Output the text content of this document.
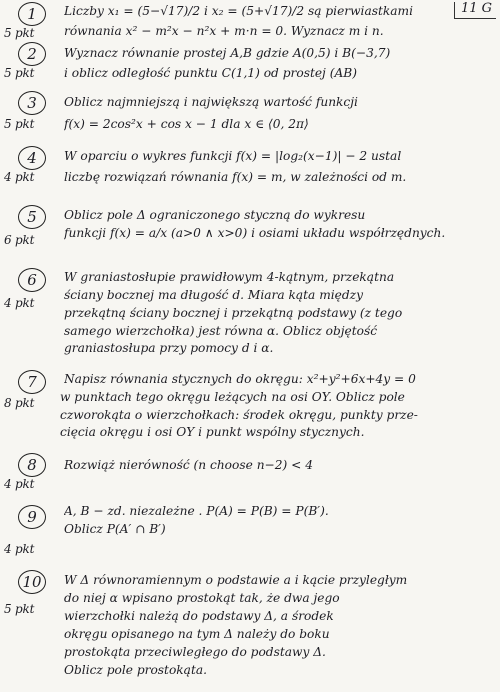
11 G
1
5 pkt
Liczby x₁ = (5−√17)/2 i x₂ = (5+√17)/2 są pierwiastkami
równania x² − m²x − n²x + m·n = 0. Wyznacz m i n.
2
5 pkt
Wyznacz równanie prostej A,B gdzie A(0,5) i B(−3,7)
i oblicz odległość punktu C(1,1) od prostej (AB)
3
5 pkt
Oblicz najmniejszą i największą wartość funkcji
f(x) = 2cos²x + cos x − 1 dla x ∈ ⟨0, 2π⟩
4
4 pkt
W oparciu o wykres funkcji f(x) = |log₂(x−1)| − 2 ustal
liczbę rozwiązań równania f(x) = m, w zależności od m.
5
6 pkt
Oblicz pole Δ ograniczonego styczną do wykresu
funkcji f(x) = a/x (a>0 ∧ x>0) i osiami układu współrzędnych.
6
4 pkt
W graniastosłupie prawidłowym 4-kątnym, przekątna
ściany bocznej ma długość d. Miara kąta między
przekątną ściany bocznej i przekątną podstawy (z tego
samego wierzchołka) jest równa α. Oblicz objętość
graniastosłupa przy pomocy d i α.
7
8 pkt
Napisz równania stycznych do okręgu: x²+y²+6x+4y = 0
w punktach tego okręgu leżących na osi OY. Oblicz pole
czworokąta o wierzchołkach: środek okręgu, punkty prze-
cięcia okręgu i osi OY i punkt wspólny stycznych.
8
4 pkt
Rozwiąż nierówność (n choose n−2) < 4
9
4 pkt
A, B − zd. niezależne . P(A) = P(B) = P(B′).
Oblicz P(A′ ∩ B′)
10
5 pkt
W Δ równoramiennym o podstawie a i kącie przyległym
do niej α wpisano prostokąt tak, że dwa jego
wierzchołki należą do podstawy Δ, a środek
okręgu opisanego na tym Δ należy do boku
prostokąta przeciwległego do podstawy Δ.
Oblicz pole prostokąta.
